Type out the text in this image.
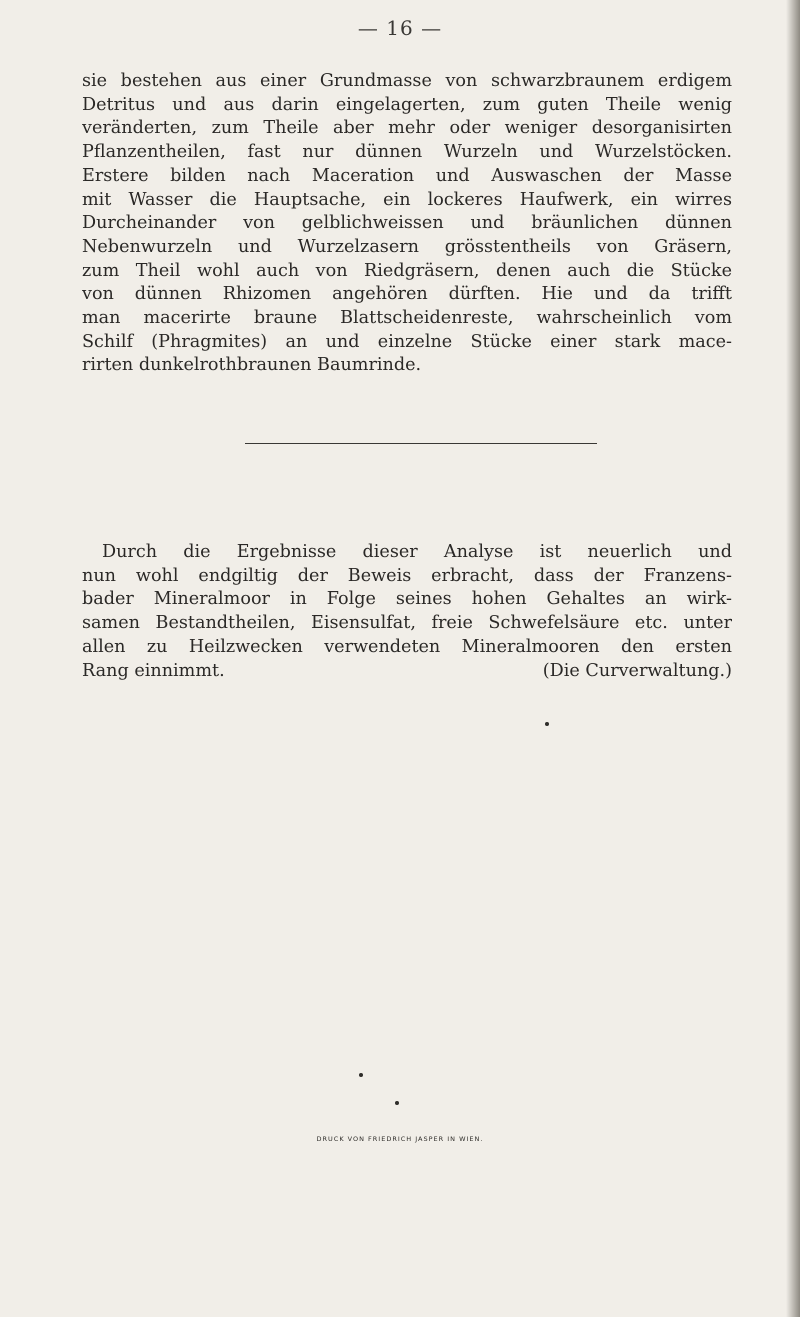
— 16 —
sie bestehen aus einer Grundmasse von schwarzbraunem erdigem
Detritus und aus darin eingelagerten, zum guten Theile wenig
veränderten, zum Theile aber mehr oder weniger desorganisirten
Pflanzentheilen, fast nur dünnen Wurzeln und Wurzelstöcken.
Erstere bilden nach Maceration und Auswaschen der Masse
mit Wasser die Hauptsache, ein lockeres Haufwerk, ein wirres
Durcheinander von gelblichweissen und bräunlichen dünnen
Nebenwurzeln und Wurzelzasern grösstentheils von Gräsern,
zum Theil wohl auch von Riedgräsern, denen auch die Stücke
von dünnen Rhizomen angehören dürften. Hie und da trifft
man macerirte braune Blattscheidenreste, wahrscheinlich vom
Schilf (Phragmites) an und einzelne Stücke einer stark mace-
rirten dunkelrothbraunen Baumrinde.
Durch die Ergebnisse dieser Analyse ist neuerlich und
nun wohl endgiltig der Beweis erbracht, dass der Franzens-
bader Mineralmoor in Folge seines hohen Gehaltes an wirk-
samen Bestandtheilen, Eisensulfat, freie Schwefelsäure etc. unter
allen zu Heilzwecken verwendeten Mineralmooren den ersten
Rang einnimmt.	(Die Curverwaltung.)
DRUCK VON FRIEDRICH JASPER IN WIEN.
